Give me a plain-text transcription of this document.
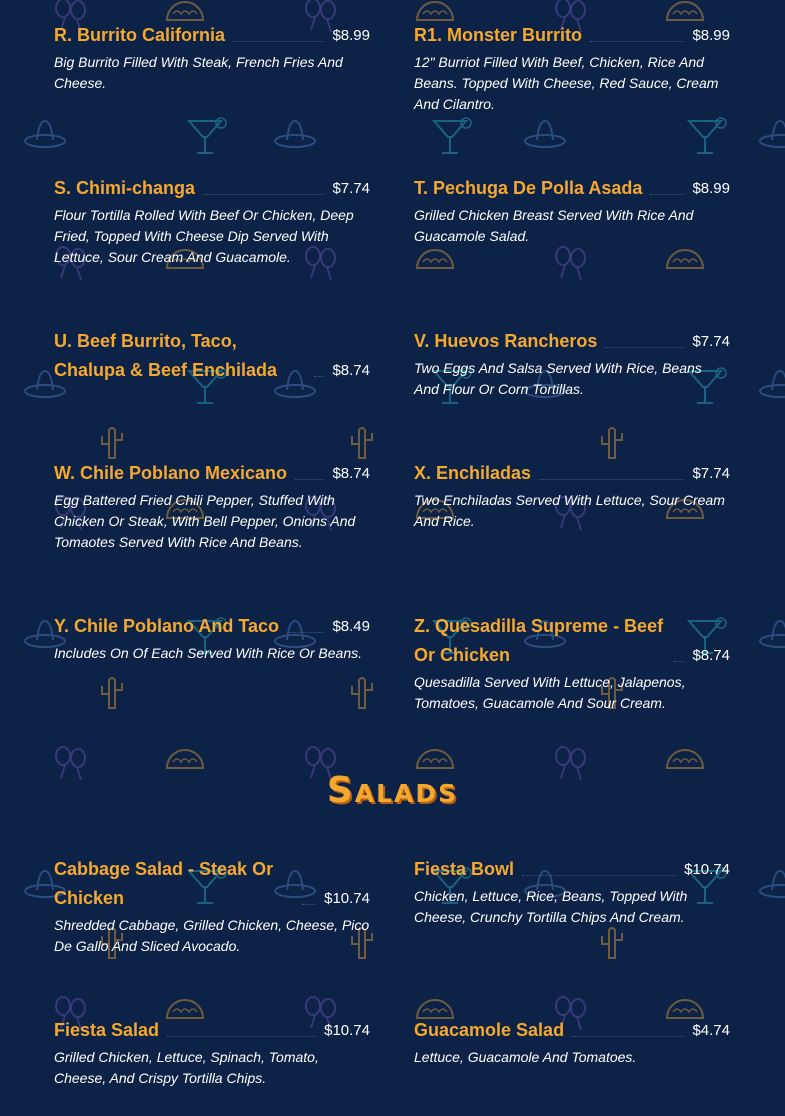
R. Burrito California	$8.99
Big Burrito Filled With Steak, French Fries And Cheese.
R1. Monster Burrito	$8.99
12" Burriot Filled With Beef, Chicken, Rice And Beans. Topped With Cheese, Red Sauce, Cream And Cilantro.
S. Chimi-changa	$7.74
Flour Tortilla Rolled With Beef Or Chicken, Deep Fried, Topped With Cheese Dip Served With Lettuce, Sour Cream And Guacamole.
T. Pechuga De Polla Asada	$8.99
Grilled Chicken Breast Served With Rice And Guacamole Salad.
U. Beef Burrito, Taco, Chalupa & Beef Enchilada	$8.74
V. Huevos Rancheros	$7.74
Two Eggs And Salsa Served With Rice, Beans And Flour Or Corn Tortillas.
W. Chile Poblano Mexicano	$8.74
Egg Battered Fried Chili Pepper, Stuffed With Chicken Or Steak, With Bell Pepper, Onions And Tomaotes Served With Rice And Beans.
X. Enchiladas	$7.74
Two Enchiladas Served With Lettuce, Sour Cream And Rice.
Y. Chile Poblano And Taco	$8.49
Includes On Of Each Served With Rice Or Beans.
Z. Quesadilla Supreme - Beef Or Chicken	$8.74
Quesadilla Served With Lettuce, Jalapenos, Tomatoes, Guacamole And Sour Cream.
Salads
Cabbage Salad - Steak Or Chicken	$10.74
Shredded Cabbage, Grilled Chicken, Cheese, Pico De Gallo And Sliced Avocado.
Fiesta Bowl	$10.74
Chicken, Lettuce, Rice, Beans, Topped With Cheese, Crunchy Tortilla Chips And Cream.
Fiesta Salad	$10.74
Grilled Chicken, Lettuce, Spinach, Tomato, Cheese, And Crispy Tortilla Chips.
Guacamole Salad	$4.74
Lettuce, Guacamole And Tomatoes.
